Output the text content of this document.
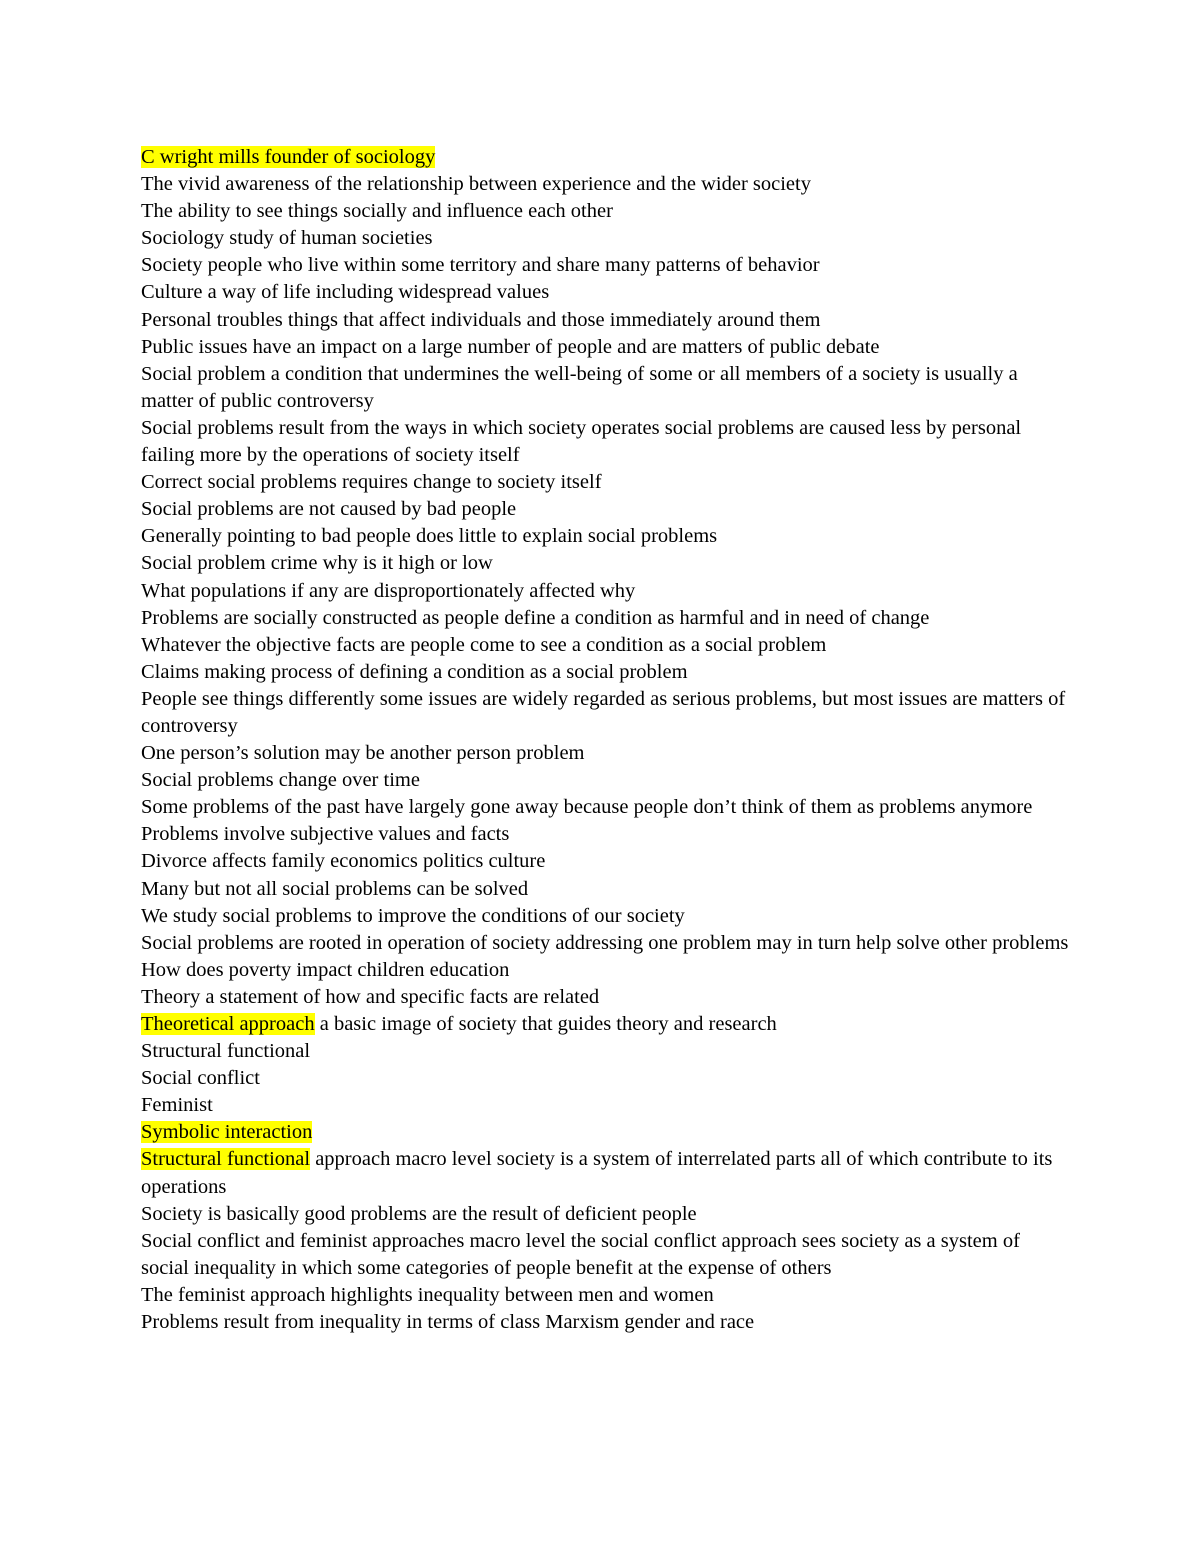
C wright mills founder of sociology

The vivid awareness of the relationship between experience and the wider society

The ability to see things socially and influence each other

Sociology study of human societies

Society people who live within some territory and share many patterns of behavior

Culture a way of life including widespread values

Personal troubles things that affect individuals and those immediately around them

Public issues have an impact on a large number of people and are matters of public debate

Social problem a condition that undermines the well-being of some or all members of a society is usually a matter of public controversy

Social problems result from the ways in which society operates social problems are caused less by personal failing more by the operations of society itself

Correct social problems requires change to society itself

Social problems are not caused by bad people

Generally pointing to bad people does little to explain social problems

Social problem crime why is it high or low

What populations if any are disproportionately affected why

Problems are socially constructed as people define a condition as harmful and in need of change

Whatever the objective facts are people come to see a condition as a social problem

Claims making process of defining a condition as a social problem

People see things differently some issues are widely regarded as serious problems, but most issues are matters of controversy

One person’s solution may be another person problem

Social problems change over time

Some problems of the past have largely gone away because people don’t think of them as problems anymore

Problems involve subjective values and facts

Divorce affects family economics politics culture

Many but not all social problems can be solved

We study social problems to improve the conditions of our society

Social problems are rooted in operation of society addressing one problem may in turn help solve other problems

How does poverty impact children education

Theory a statement of how and specific facts are related

Theoretical approach a basic image of society that guides theory and research

Structural functional

Social conflict

Feminist

Symbolic interaction

Structural functional approach macro level society is a system of interrelated parts all of which contribute to its operations

Society is basically good problems are the result of deficient people

Social conflict and feminist approaches macro level the social conflict approach sees society as a system of social inequality in which some categories of people benefit at the expense of others

The feminist approach highlights inequality between men and women

Problems result from inequality in terms of class Marxism gender and race
